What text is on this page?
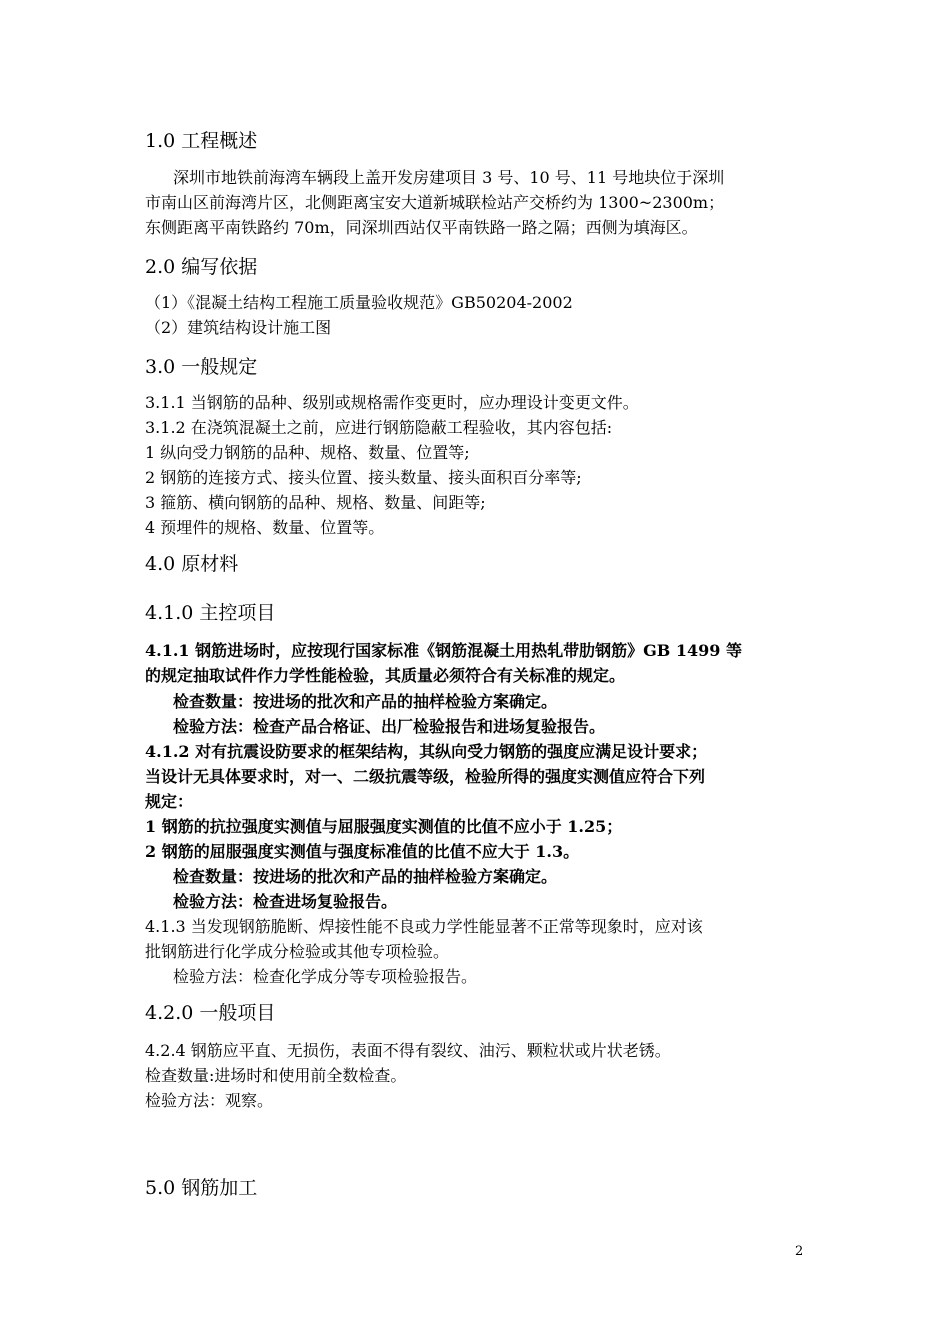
1.0 工程概述
深圳市地铁前海湾车辆段上盖开发房建项目 3 号、10 号、11 号地块位于深圳
市南山区前海湾片区，北侧距离宝安大道新城联检站产交桥约为 1300~2300m；
东侧距离平南铁路约 70m，同深圳西站仅平南铁路一路之隔；西侧为填海区。
2.0 编写依据
（1）《混凝土结构工程施工质量验收规范》GB50204-2002
（2）建筑结构设计施工图
3.0 一般规定
3.1.1 当钢筋的品种、级别或规格需作变更时，应办理设计变更文件。
3.1.2 在浇筑混凝土之前，应进行钢筋隐蔽工程验收，其内容包括:
1 纵向受力钢筋的品种、规格、数量、位置等;
2 钢筋的连接方式、接头位置、接头数量、接头面积百分率等;
3 箍筋、横向钢筋的品种、规格、数量、间距等;
4 预埋件的规格、数量、位置等。
4.0 原材料
4.1.0 主控项目
4.1.1 钢筋进场时，应按现行国家标准《钢筋混凝土用热轧带肋钢筋》GB 1499 等
的规定抽取试件作力学性能检验，其质量必须符合有关标准的规定。
检查数量：按进场的批次和产品的抽样检验方案确定。
检验方法：检查产品合格证、出厂检验报告和进场复验报告。
4.1.2 对有抗震设防要求的框架结构，其纵向受力钢筋的强度应满足设计要求；
当设计无具体要求时，对一、二级抗震等级，检验所得的强度实测值应符合下列
规定：
1 钢筋的抗拉强度实测值与屈服强度实测值的比值不应小于 1.25；
2 钢筋的屈服强度实测值与强度标准值的比值不应大于 1.3。
检查数量：按进场的批次和产品的抽样检验方案确定。
检验方法：检查进场复验报告。
4.1.3 当发现钢筋脆断、焊接性能不良或力学性能显著不正常等现象时，应对该
批钢筋进行化学成分检验或其他专项检验。
检验方法：检查化学成分等专项检验报告。
4.2.0 一般项目
4.2.4 钢筋应平直、无损伤，表面不得有裂纹、油污、颗粒状或片状老锈。
检查数量:进场时和使用前全数检查。
检验方法：观察。
5.0 钢筋加工
2
